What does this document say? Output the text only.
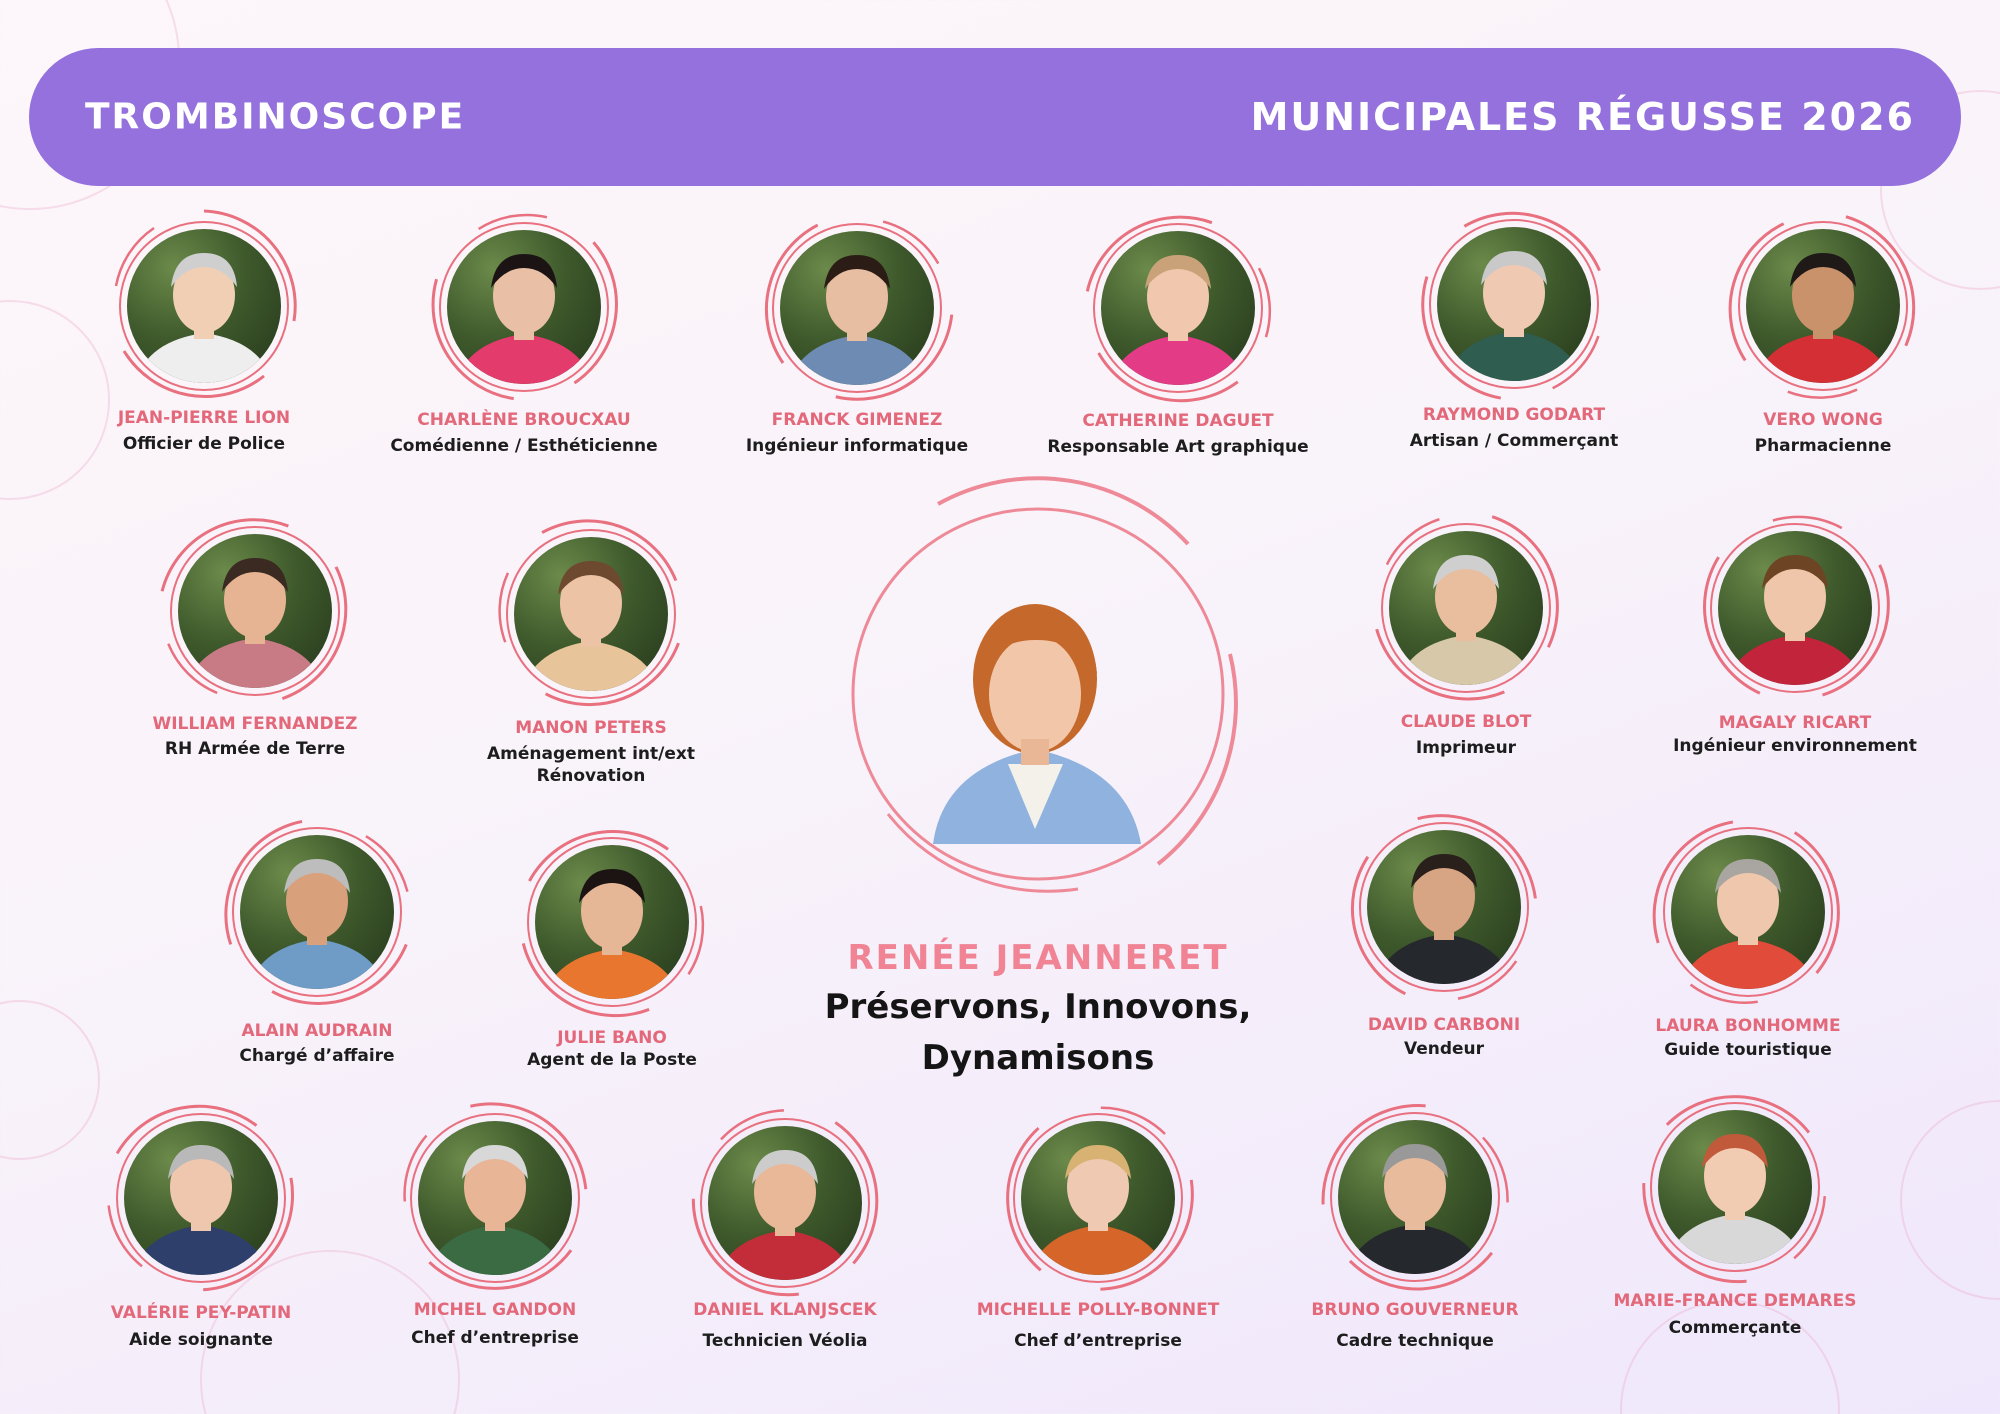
TROMBINOSCOPE	MUNICIPALES RÉGUSSE 2026
RENÉE JEANNERET
Préservons, Innovons,
Dynamisons
JEAN-PIERRE LION
Officier de Police
CHARLÈNE BROUCXAU
Comédienne / Esthéticienne
FRANCK GIMENEZ
Ingénieur informatique
CATHERINE DAGUET
Responsable Art graphique
RAYMOND GODART
Artisan / Commerçant
VERO WONG
Pharmacienne
WILLIAM FERNANDEZ
RH Armée de Terre
MANON PETERS
Aménagement int/ext
Rénovation
CLAUDE BLOT
Imprimeur
MAGALY RICART
Ingénieur environnement
ALAIN AUDRAIN
Chargé d’affaire
JULIE BANO
Agent de la Poste
DAVID CARBONI
Vendeur
LAURA BONHOMME
Guide touristique
VALÉRIE PEY-PATIN
Aide soignante
MICHEL GANDON
Chef d’entreprise
DANIEL KLANJSCEK
Technicien Véolia
MICHELLE POLLY-BONNET
Chef d’entreprise
BRUNO GOUVERNEUR
Cadre technique
MARIE-FRANCE DEMARES
Commerçante
